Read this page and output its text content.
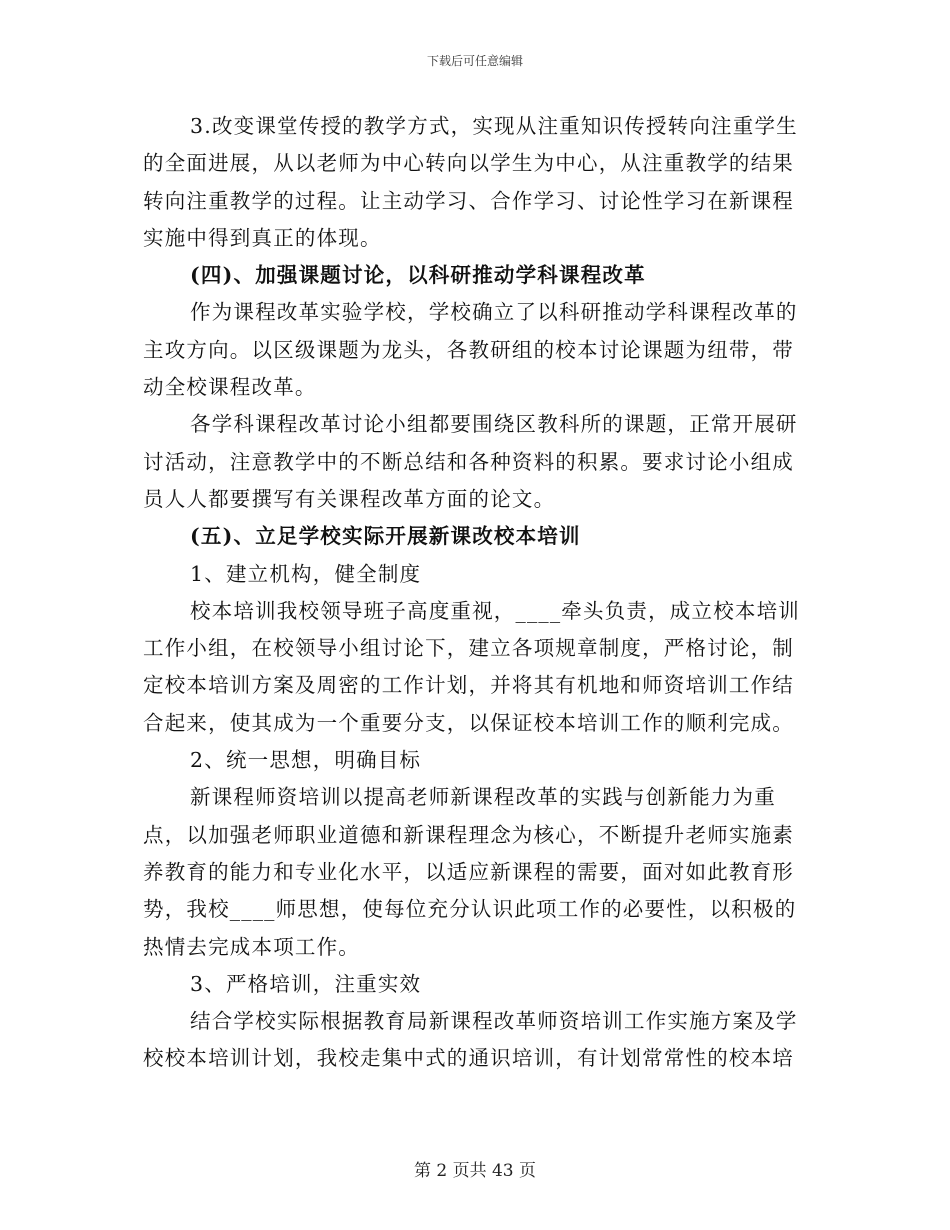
下载后可任意编辑

3.改变课堂传授的教学方式，实现从注重知识传授转向注重学生的全面进展，从以老师为中心转向以学生为中心，从注重教学的结果转向注重教学的过程。让主动学习、合作学习、讨论性学习在新课程实施中得到真正的体现。

(四)、加强课题讨论，以科研推动学科课程改革

作为课程改革实验学校，学校确立了以科研推动学科课程改革的主攻方向。以区级课题为龙头，各教研组的校本讨论课题为纽带，带动全校课程改革。

各学科课程改革讨论小组都要围绕区教科所的课题，正常开展研讨活动，注意教学中的不断总结和各种资料的积累。要求讨论小组成员人人都要撰写有关课程改革方面的论文。

(五)、立足学校实际开展新课改校本培训

1、建立机构，健全制度

校本培训我校领导班子高度重视，____牵头负责，成立校本培训工作小组，在校领导小组讨论下，建立各项规章制度，严格讨论，制定校本培训方案及周密的工作计划，并将其有机地和师资培训工作结合起来，使其成为一个重要分支，以保证校本培训工作的顺利完成。

2、统一思想，明确目标

新课程师资培训以提高老师新课程改革的实践与创新能力为重点，以加强老师职业道德和新课程理念为核心，不断提升老师实施素养教育的能力和专业化水平，以适应新课程的需要，面对如此教育形势，我校____师思想，使每位充分认识此项工作的必要性，以积极的热情去完成本项工作。

3、严格培训，注重实效

结合学校实际根据教育局新课程改革师资培训工作实施方案及学校校本培训计划，我校走集中式的通识培训，有计划常常性的校本培

第 2 页共 43 页
